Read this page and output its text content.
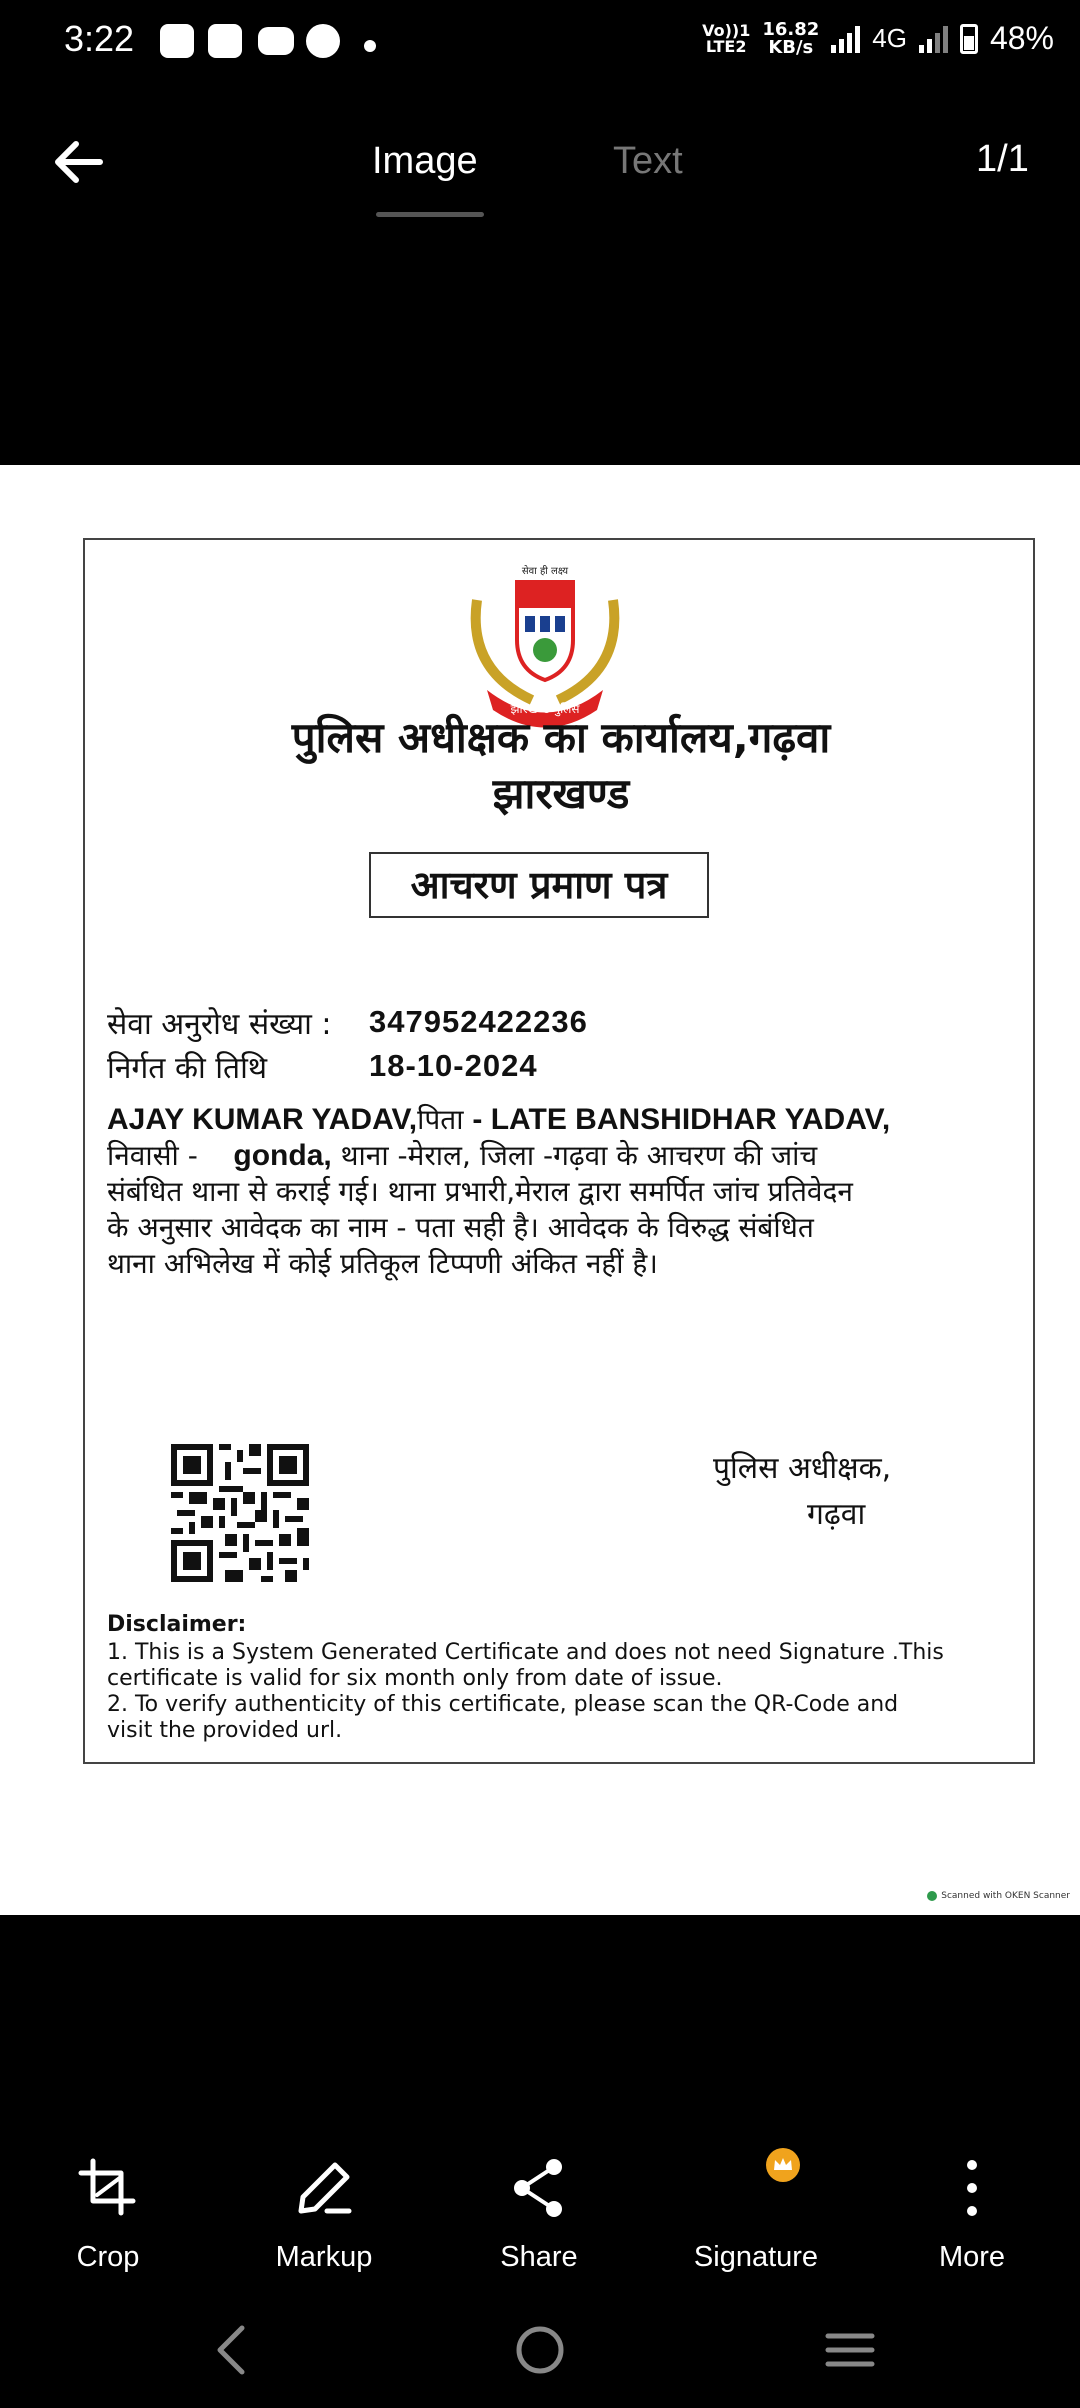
3:22	Vo))1
LTE2
16.82
KB/s 4G	48%
Image	Text	1/1
सेवा ही लक्ष्य
झारखण्ड पुलिस
पुलिस अधीक्षक का कार्यालय,गढ़वा
झारखण्ड
आचरण प्रमाण पत्र
सेवा अनुरोध संख्या : 347952422236
निर्गत की तिथि	18-10-2024
AJAY KUMAR YADAV,पिता - LATE BANSHIDHAR YADAV,
निवासी - gonda, थाना -मेराल, जिला -गढ़वा के आचरण की जांच
संबंधित थाना से कराई गई। थाना प्रभारी,मेराल द्वारा समर्पित जांच प्रतिवेदन
के अनुसार आवेदक का नाम - पता सही है। आवेदक के विरुद्ध संबंधित
थाना अभिलेख में कोई प्रतिकूल टिप्पणी अंकित नहीं है।
पुलिस अधीक्षक,
गढ़वा
Disclaimer:
1. This is a System Generated Certificate and does not need Signature .This
certificate is valid for six month only from date of issue.
2. To verify authenticity of this certificate, please scan the QR-Code and
visit the provided url.
Scanned with OKEN Scanner
Crop	Markup	Share	Signature	More
